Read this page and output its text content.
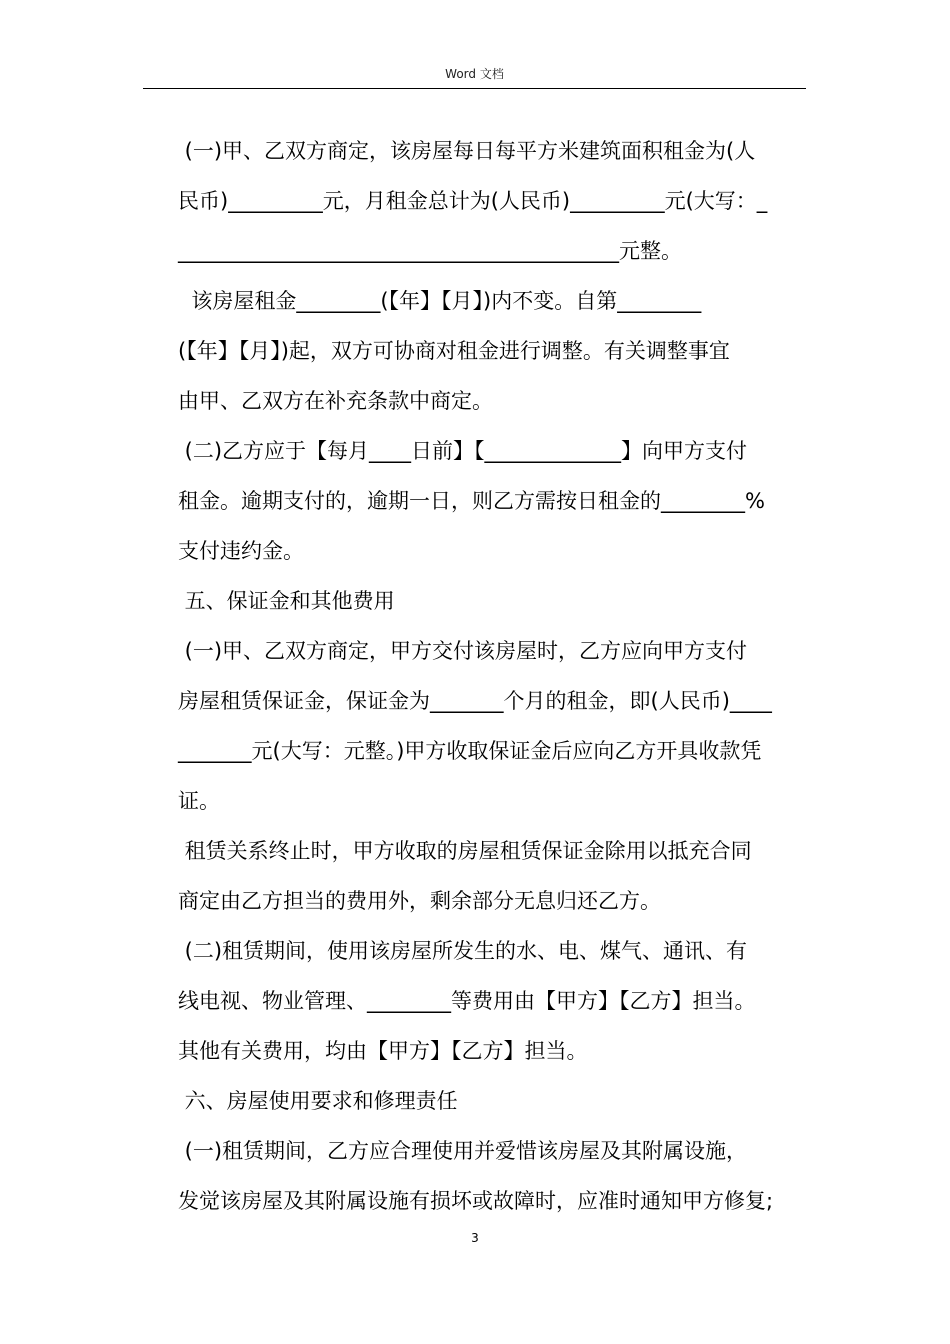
Word 文档
(一)甲、乙双方商定，该房屋每日每平方米建筑面积租金为(人
民币)_________元，月租金总计为(人民币)_________元(大写：_
__________________________________________元整。
该房屋租金________(【年】【月】)内不变。自第________
(【年】【月】)起，双方可协商对租金进行调整。有关调整事宜
由甲、乙双方在补充条款中商定。
(二)乙方应于【每月____日前】【_____________】向甲方支付
租金。逾期支付的，逾期一日，则乙方需按日租金的________%
支付违约金。
五、保证金和其他费用
(一)甲、乙双方商定，甲方交付该房屋时，乙方应向甲方支付
房屋租赁保证金，保证金为_______个月的租金，即(人民币)____
_______元(大写：元整。)甲方收取保证金后应向乙方开具收款凭
证。
租赁关系终止时，甲方收取的房屋租赁保证金除用以抵充合同
商定由乙方担当的费用外，剩余部分无息归还乙方。
(二)租赁期间，使用该房屋所发生的水、电、煤气、通讯、有
线电视、物业管理、________等费用由【甲方】【乙方】担当。
其他有关费用，均由【甲方】【乙方】担当。
六、房屋使用要求和修理责任
(一)租赁期间，乙方应合理使用并爱惜该房屋及其附属设施，
发觉该房屋及其附属设施有损坏或故障时，应准时通知甲方修复;
3
